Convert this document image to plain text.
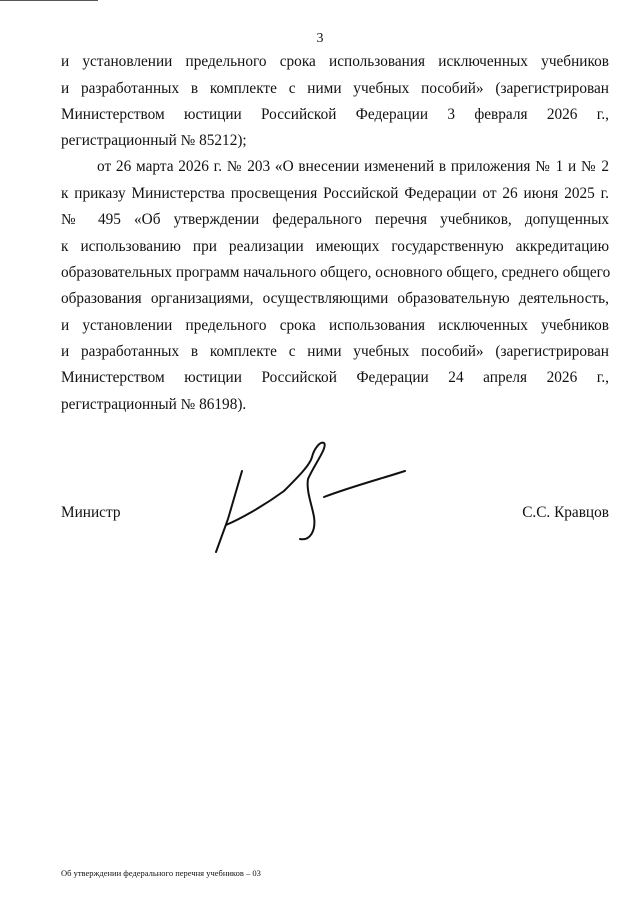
3
и установлении предельного срока использования исключенных учебников
и разработанных в комплекте с ними учебных пособий» (зарегистрирован
Министерством юстиции Российской Федерации 3 февраля 2026 г.,
регистрационный № 85212);
от 26 марта 2026 г. № 203 «О внесении изменений в приложения № 1 и № 2
к приказу Министерства просвещения Российской Федерации от 26 июня 2025 г.
№ 495 «Об утверждении федерального перечня учебников, допущенных
к использованию при реализации имеющих государственную аккредитацию
образовательных программ начального общего, основного общего, среднего общего
образования организациями, осуществляющими образовательную деятельность,
и установлении предельного срока использования исключенных учебников
и разработанных в комплекте с ними учебных пособий» (зарегистрирован
Министерством юстиции Российской Федерации 24 апреля 2026 г.,
регистрационный № 86198).
Министр	С.С. Кравцов
Об утверждении федерального перечня учебников – 03
